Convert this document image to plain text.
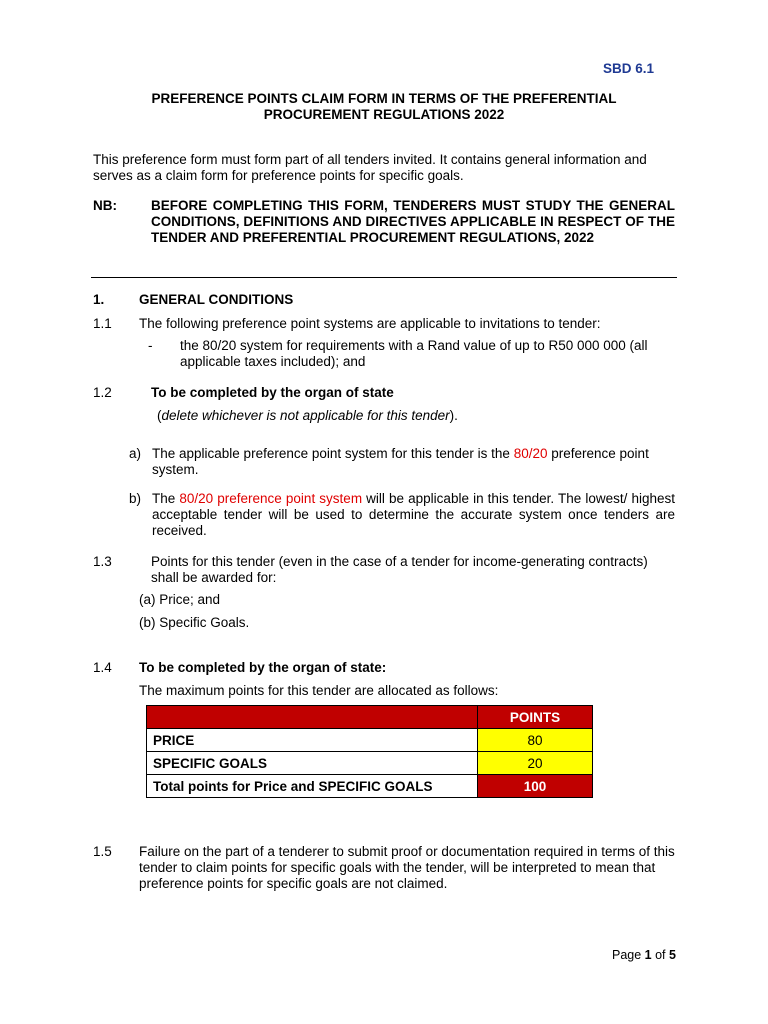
SBD 6.1
PREFERENCE POINTS CLAIM FORM IN TERMS OF THE PREFERENTIAL
PROCUREMENT REGULATIONS 2022
This preference form must form part of all tenders invited. It contains general information and serves as a claim form for preference points for specific goals.
NB:	BEFORE COMPLETING THIS FORM, TENDERERS MUST STUDY THE GENERAL CONDITIONS, DEFINITIONS AND DIRECTIVES APPLICABLE IN RESPECT OF THE TENDER AND PREFERENTIAL PROCUREMENT REGULATIONS, 2022
1.	GENERAL CONDITIONS
1.1 The following preference point systems are applicable to invitations to tender:
- the 80/20 system for requirements with a Rand value of up to R50 000 000 (all applicable taxes included); and
1.2	To be completed by the organ of state
(delete whichever is not applicable for this tender).
a) The applicable preference point system for this tender is the 80/20 preference point system.
b) The 80/20 preference point system will be applicable in this tender. The lowest/ highest acceptable tender will be used to determine the accurate system once tenders are received.
1.3	Points for this tender (even in the case of a tender for income-generating contracts) shall be awarded for:
(a) Price; and
(b) Specific Goals.
1.4 To be completed by the organ of state:
The maximum points for this tender are allocated as follows:
	POINTS
PRICE	80
SPECIFIC GOALS	20
Total points for Price and SPECIFIC GOALS	100
1.5 Failure on the part of a tenderer to submit proof or documentation required in terms of this tender to claim points for specific goals with the tender, will be interpreted to mean that preference points for specific goals are not claimed.
Page 1 of 5
